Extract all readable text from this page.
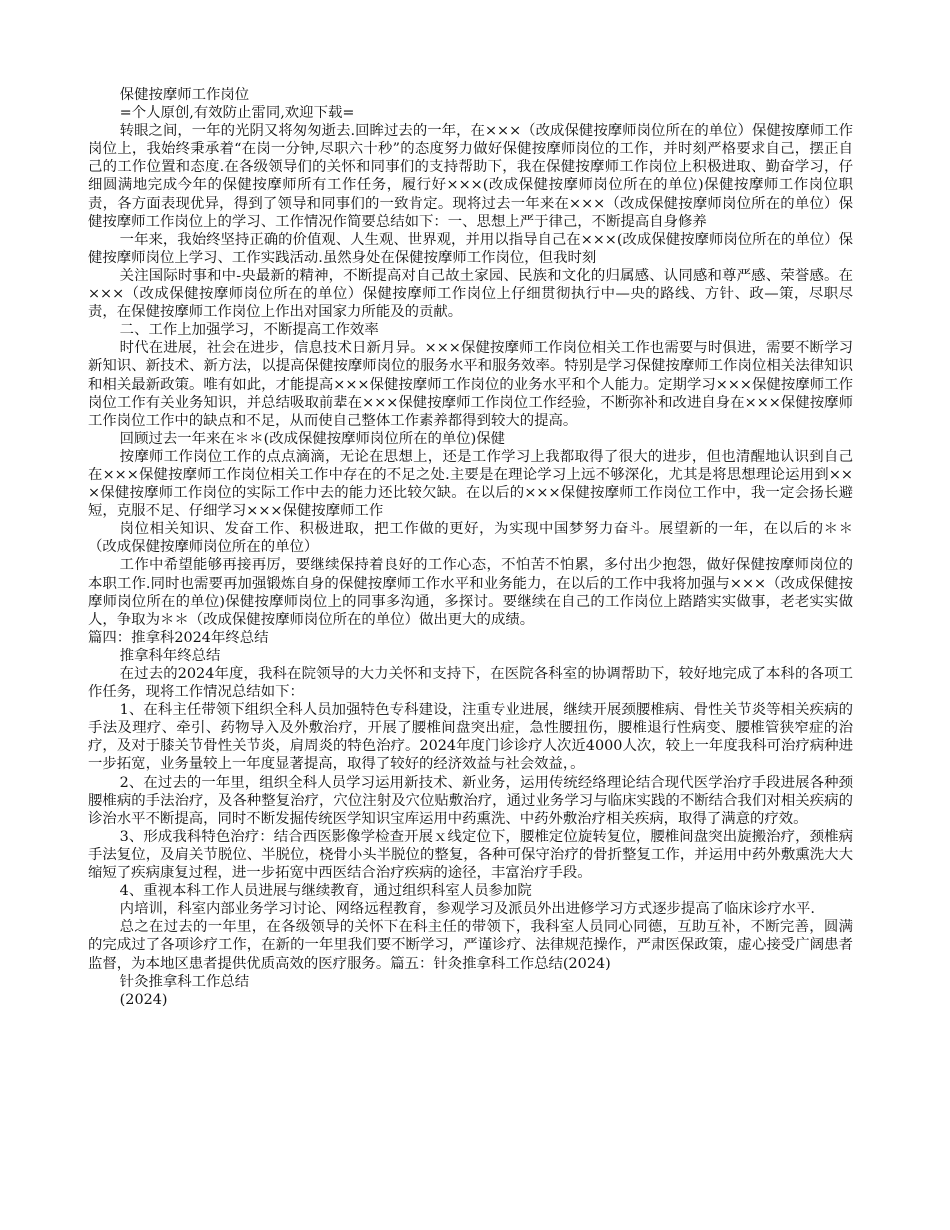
保健按摩师工作岗位

=个人原创,有效防止雷同,欢迎下载=

转眼之间，一年的光阴又将匆匆逝去.回眸过去的一年，在×××（改成保健按摩师岗位所在的单位）保健按摩师工作岗位上，我始终秉承着“在岗一分钟,尽职六十秒”的态度努力做好保健按摩师岗位的工作，并时刻严格要求自己，摆正自己的工作位置和态度.在各级领导们的关怀和同事们的支持帮助下，我在保健按摩师工作岗位上积极进取、勤奋学习，仔细圆满地完成今年的保健按摩师所有工作任务，履行好×××(改成保健按摩师岗位所在的单位)保健按摩师工作岗位职责，各方面表现优异，得到了领导和同事们的一致肯定。现将过去一年来在×××（改成保健按摩师岗位所在的单位）保健按摩师工作岗位上的学习、工作情况作简要总结如下：一、思想上严于律己，不断提高自身修养

一年来，我始终坚持正确的价值观、人生观、世界观，并用以指导自己在×××(改成保健按摩师岗位所在的单位）保健按摩师岗位上学习、工作实践活动.虽然身处在保健按摩师工作岗位，但我时刻

关注国际时事和中-央最新的精神，不断提高对自己故土家园、民族和文化的归属感、认同感和尊严感、荣誉感。在×××（改成保健按摩师岗位所在的单位）保健按摩师工作岗位上仔细贯彻执行中—央的路线、方针、政—策，尽职尽责，在保健按摩师工作岗位上作出对国家力所能及的贡献。

二、工作上加强学习，不断提高工作效率

时代在进展，社会在进步，信息技术日新月异。×××保健按摩师工作岗位相关工作也需要与时俱进，需要不断学习新知识、新技术、新方法，以提高保健按摩师岗位的服务水平和服务效率。特别是学习保健按摩师工作岗位相关法律知识和相关最新政策。唯有如此，才能提高×××保健按摩师工作岗位的业务水平和个人能力。定期学习×××保健按摩师工作岗位工作有关业务知识，并总结吸取前辈在×××保健按摩师工作岗位工作经验，不断弥补和改进自身在×××保健按摩师工作岗位工作中的缺点和不足，从而使自己整体工作素养都得到较大的提高。

回顾过去一年来在＊＊(改成保健按摩师岗位所在的单位)保健

按摩师工作岗位工作的点点滴滴，无论在思想上，还是工作学习上我都取得了很大的进步，但也清醒地认识到自己在×××保健按摩师工作岗位相关工作中存在的不足之处.主要是在理论学习上远不够深化，尤其是将思想理论运用到×××保健按摩师工作岗位的实际工作中去的能力还比较欠缺。在以后的×××保健按摩师工作岗位工作中，我一定会扬长避短，克服不足、仔细学习×××保健按摩师工作

岗位相关知识、发奋工作、积极进取，把工作做的更好，为实现中国梦努力奋斗。展望新的一年，在以后的＊＊（改成保健按摩师岗位所在的单位）

工作中希望能够再接再厉，要继续保持着良好的工作心态，不怕苦不怕累，多付出少抱怨，做好保健按摩师岗位的本职工作.同时也需要再加强锻炼自身的保健按摩师工作水平和业务能力，在以后的工作中我将加强与×××（改成保健按摩师岗位所在的单位)保健按摩师岗位上的同事多沟通，多探讨。要继续在自己的工作岗位上踏踏实实做事，老老实实做人，争取为＊＊（改成保健按摩师岗位所在的单位）做出更大的成绩。

篇四：推拿科2024年终总结

推拿科年终总结

在过去的2024年度，我科在院领导的大力关怀和支持下，在医院各科室的协调帮助下，较好地完成了本科的各项工作任务，现将工作情况总结如下：

1、在科主任带领下组织全科人员加强特色专科建设，注重专业进展，继续开展颈腰椎病、骨性关节炎等相关疾病的手法及理疗、牵引、药物导入及外敷治疗，开展了腰椎间盘突出症，急性腰扭伤，腰椎退行性病变、腰椎管狭窄症的治疗，及对于膝关节骨性关节炎，肩周炎的特色治疗。2024年度门诊诊疗人次近4000人次，较上一年度我科可治疗病种进一步拓宽，业务量较上一年度显著提高，取得了较好的经济效益与社会效益，。

2、在过去的一年里，组织全科人员学习运用新技术、新业务，运用传统经络理论结合现代医学治疗手段进展各种颈腰椎病的手法治疗，及各种整复治疗，穴位注射及穴位贴敷治疗，通过业务学习与临床实践的不断结合我们对相关疾病的诊治水平不断提高，同时不断发掘传统医学知识宝库运用中药熏洗、中药外敷治疗相关疾病，取得了满意的疗效。

3、形成我科特色治疗：结合西医影像学检查开展ｘ线定位下，腰椎定位旋转复位，腰椎间盘突出旋搬治疗，颈椎病手法复位，及肩关节脱位、半脱位，桡骨小头半脱位的整复，各种可保守治疗的骨折整复工作，并运用中药外敷熏洗大大缩短了疾病康复过程，进一步拓宽中西医结合治疗疾病的途径，丰富治疗手段。

4、重视本科工作人员进展与继续教育，通过组织科室人员参加院

内培训，科室内部业务学习讨论、网络远程教育，参观学习及派员外出进修学习方式逐步提高了临床诊疗水平.

总之在过去的一年里，在各级领导的关怀下在科主任的带领下，我科室人员同心同德，互助互补，不断完善，圆满的完成过了各项诊疗工作，在新的一年里我们要不断学习，严谨诊疗、法律规范操作，严肃医保政策，虚心接受广阔患者监督，为本地区患者提供优质高效的医疗服务。篇五：针灸推拿科工作总结(2024)

针灸推拿科工作总结

(2024)
